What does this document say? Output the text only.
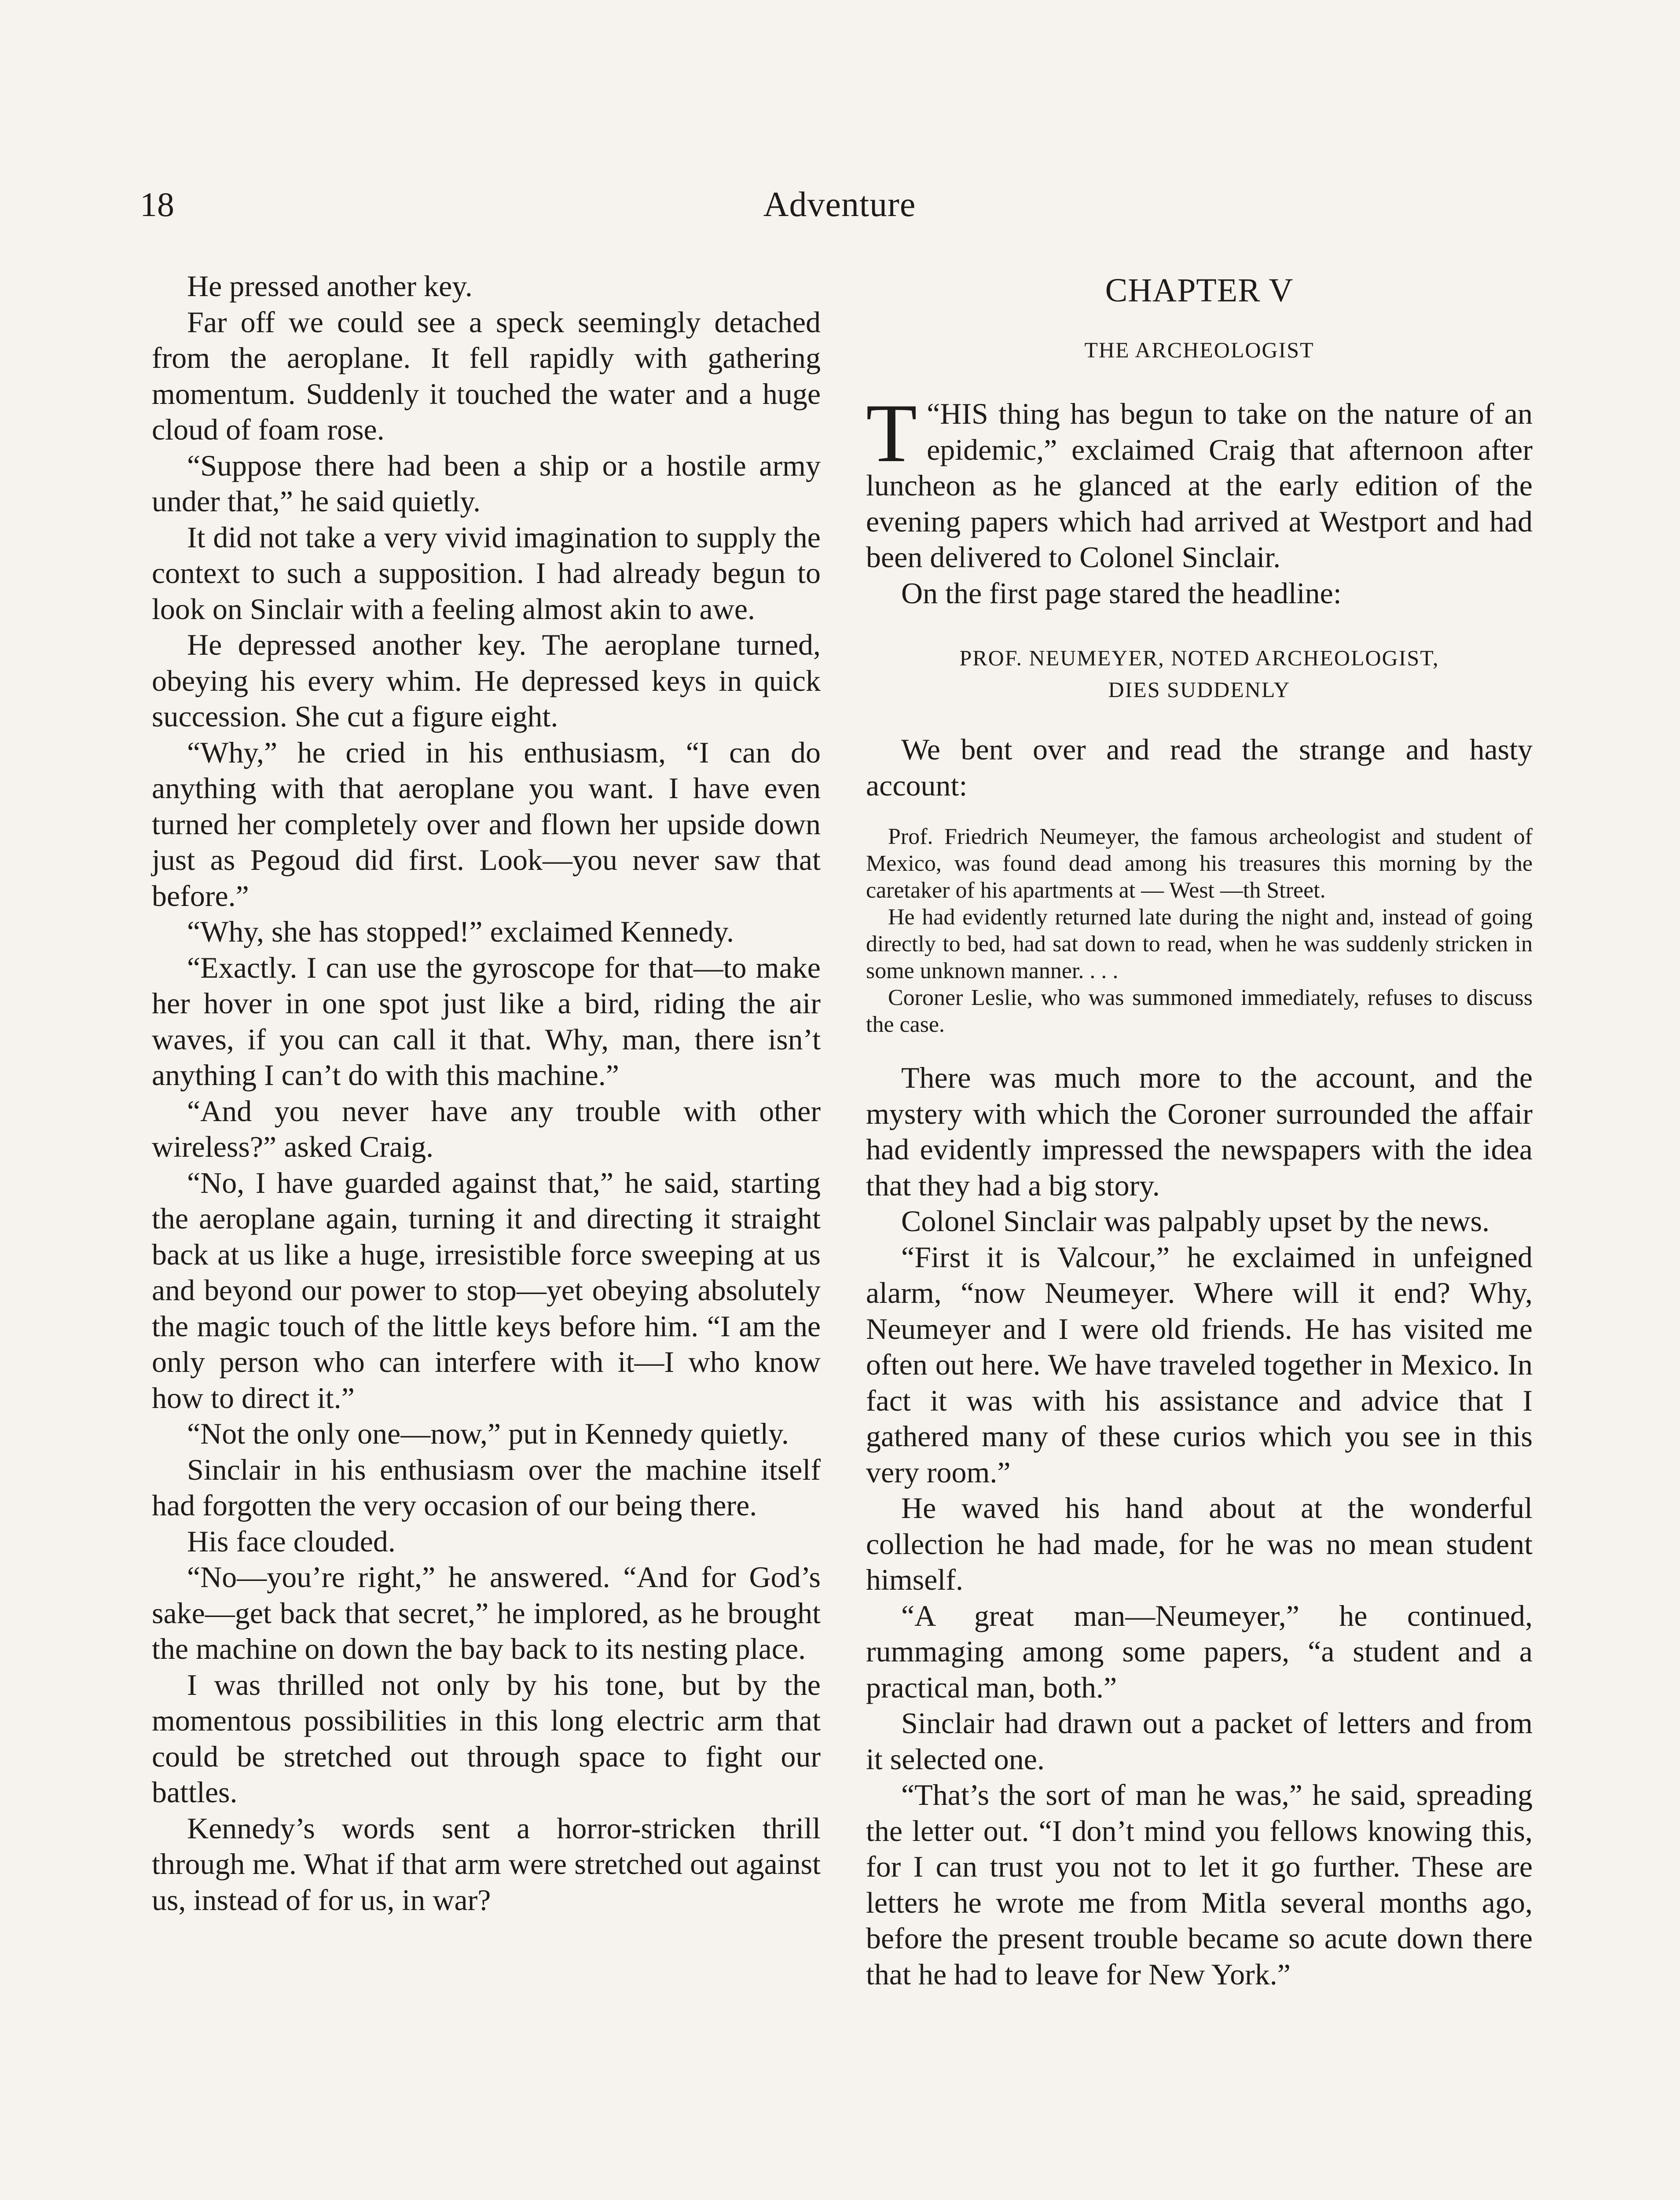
18	Adventure

He pressed another key.

Far off we could see a speck seemingly detached from the aeroplane. It fell rapidly with gathering momentum. Suddenly it touched the water and a huge cloud of foam rose.

“Suppose there had been a ship or a hostile army under that,” he said quietly.

It did not take a very vivid imagination to supply the context to such a supposition. I had already begun to look on Sinclair with a feeling almost akin to awe.

He depressed another key. The aeroplane turned, obeying his every whim. He depressed keys in quick succession. She cut a figure eight.

“Why,” he cried in his enthusiasm, “I can do anything with that aeroplane you want. I have even turned her completely over and flown her upside down just as Pegoud did first. Look—you never saw that before.”

“Why, she has stopped!” exclaimed Kennedy.

“Exactly. I can use the gyroscope for that—to make her hover in one spot just like a bird, riding the air waves, if you can call it that. Why, man, there isn’t anything I can’t do with this machine.”

“And you never have any trouble with other wireless?” asked Craig.

“No, I have guarded against that,” he said, starting the aeroplane again, turning it and directing it straight back at us like a huge, irresistible force sweeping at us and beyond our power to stop—yet obeying absolutely the magic touch of the little keys before him. “I am the only person who can interfere with it—I who know how to direct it.”

“Not the only one—now,” put in Kennedy quietly.

Sinclair in his enthusiasm over the machine itself had forgotten the very occasion of our being there.

His face clouded.

“No—you’re right,” he answered. “And for God’s sake—get back that secret,” he implored, as he brought the machine on down the bay back to its nesting place.

I was thrilled not only by his tone, but by the momentous possibilities in this long electric arm that could be stretched out through space to fight our battles.

Kennedy’s words sent a horror-stricken thrill through me. What if that arm were stretched out against us, instead of for us, in war?

CHAPTER V
THE ARCHEOLOGIST

“
T HIS thing has begun to take on the nature of an epidemic,” exclaimed Craig that afternoon after luncheon as he glanced at the early edition of the evening papers which had arrived at Westport and had been delivered to Colonel Sinclair.

On the first page stared the headline:

PROF. NEUMEYER, NOTED ARCHEOLOGIST,
DIES SUDDENLY

We bent over and read the strange and hasty account:

Prof. Friedrich Neumeyer, the famous archeologist and student of Mexico, was found dead among his treasures this morning by the caretaker of his apartments at — West —th Street.

He had evidently returned late during the night and, instead of going directly to bed, had sat down to read, when he was suddenly stricken in some unknown manner. . . .

Coroner Leslie, who was summoned immediately, refuses to discuss the case.

There was much more to the account, and the mystery with which the Coroner surrounded the affair had evidently impressed the newspapers with the idea that they had a big story.

Colonel Sinclair was palpably upset by the news.

“First it is Valcour,” he exclaimed in unfeigned alarm, “now Neumeyer. Where will it end? Why, Neumeyer and I were old friends. He has visited me often out here. We have traveled together in Mexico. In fact it was with his assistance and advice that I gathered many of these curios which you see in this very room.”

He waved his hand about at the wonderful collection he had made, for he was no mean student himself.

“A great man—Neumeyer,” he continued, rummaging among some papers, “a student and a practical man, both.”

Sinclair had drawn out a packet of letters and from it selected one.

“That’s the sort of man he was,” he said, spreading the letter out. “I don’t mind you fellows knowing this, for I can trust you not to let it go further. These are letters he wrote me from Mitla several months ago, before the present trouble became so acute down there that he had to leave for New York.”
